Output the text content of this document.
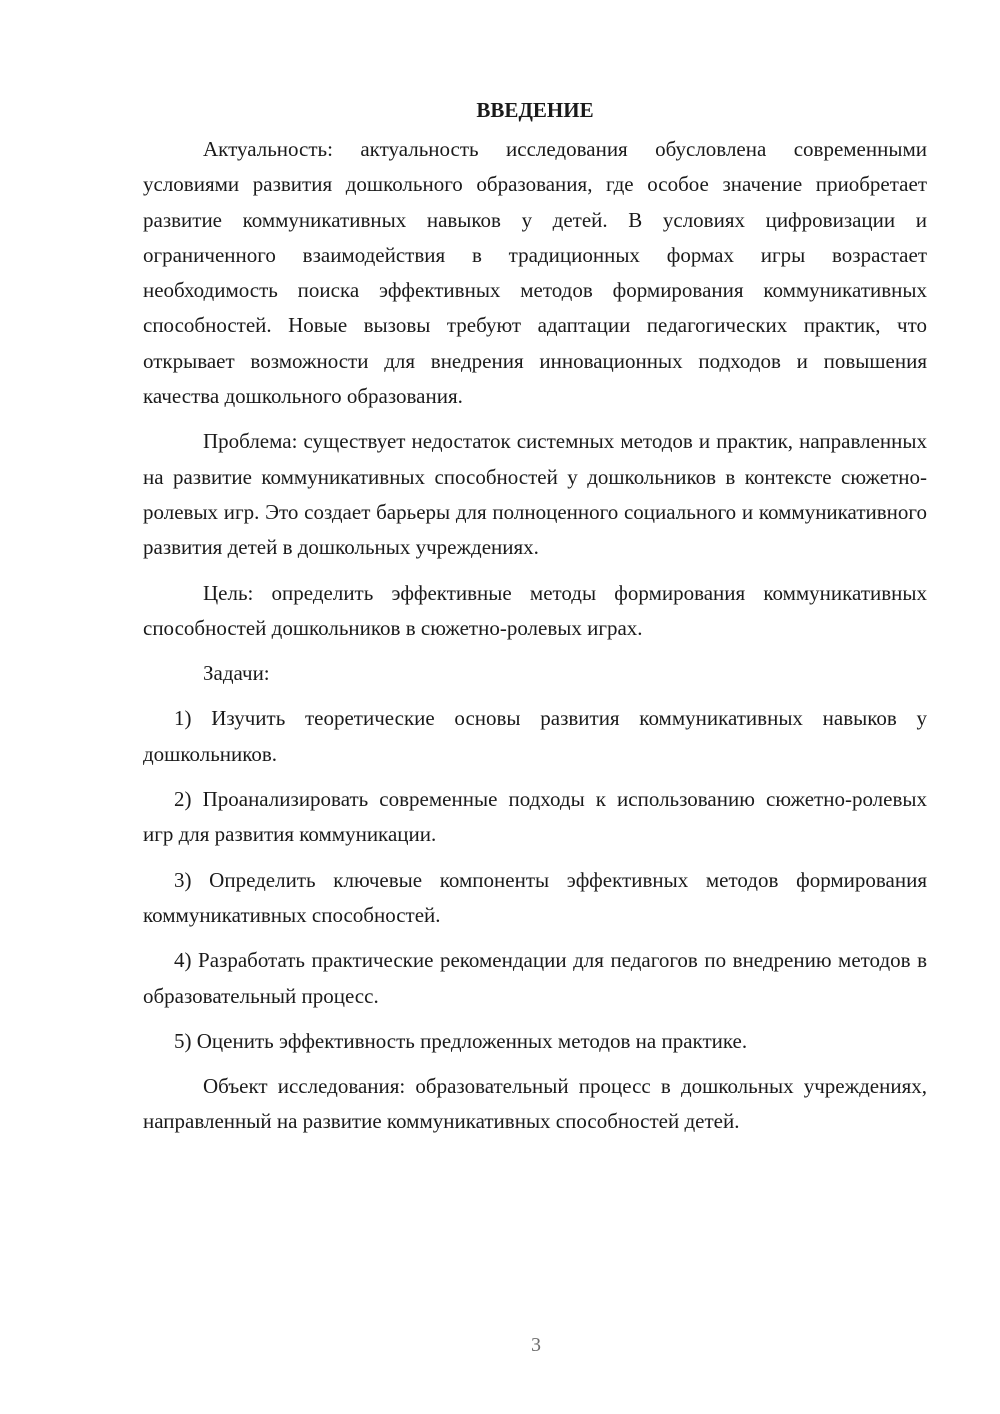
ВВЕДЕНИЕ

Актуальность: актуальность исследования обусловлена современными условиями развития дошкольного образования, где особое значение приобретает развитие коммуникативных навыков у детей. В условиях цифровизации и ограниченного взаимодействия в традиционных формах игры возрастает необходимость поиска эффективных методов формирования коммуникативных способностей. Новые вызовы требуют адаптации педагогических практик, что открывает возможности для внедрения инновационных подходов и повышения качества дошкольного образования.

Проблема: существует недостаток системных методов и практик, направленных на развитие коммуникативных способностей у дошкольников в контексте сюжетно-ролевых игр. Это создает барьеры для полноценного социального и коммуникативного развития детей в дошкольных учреждениях.

Цель: определить эффективные методы формирования коммуникативных способностей дошкольников в сюжетно-ролевых играх.

Задачи:

1) Изучить теоретические основы развития коммуникативных навыков у дошкольников.

2) Проанализировать современные подходы к использованию сюжетно-ролевых игр для развития коммуникации.

3) Определить ключевые компоненты эффективных методов формирования коммуникативных способностей.

4) Разработать практические рекомендации для педагогов по внедрению методов в образовательный процесс.

5) Оценить эффективность предложенных методов на практике.

Объект исследования: образовательный процесс в дошкольных учреждениях, направленный на развитие коммуникативных способностей детей.

3
